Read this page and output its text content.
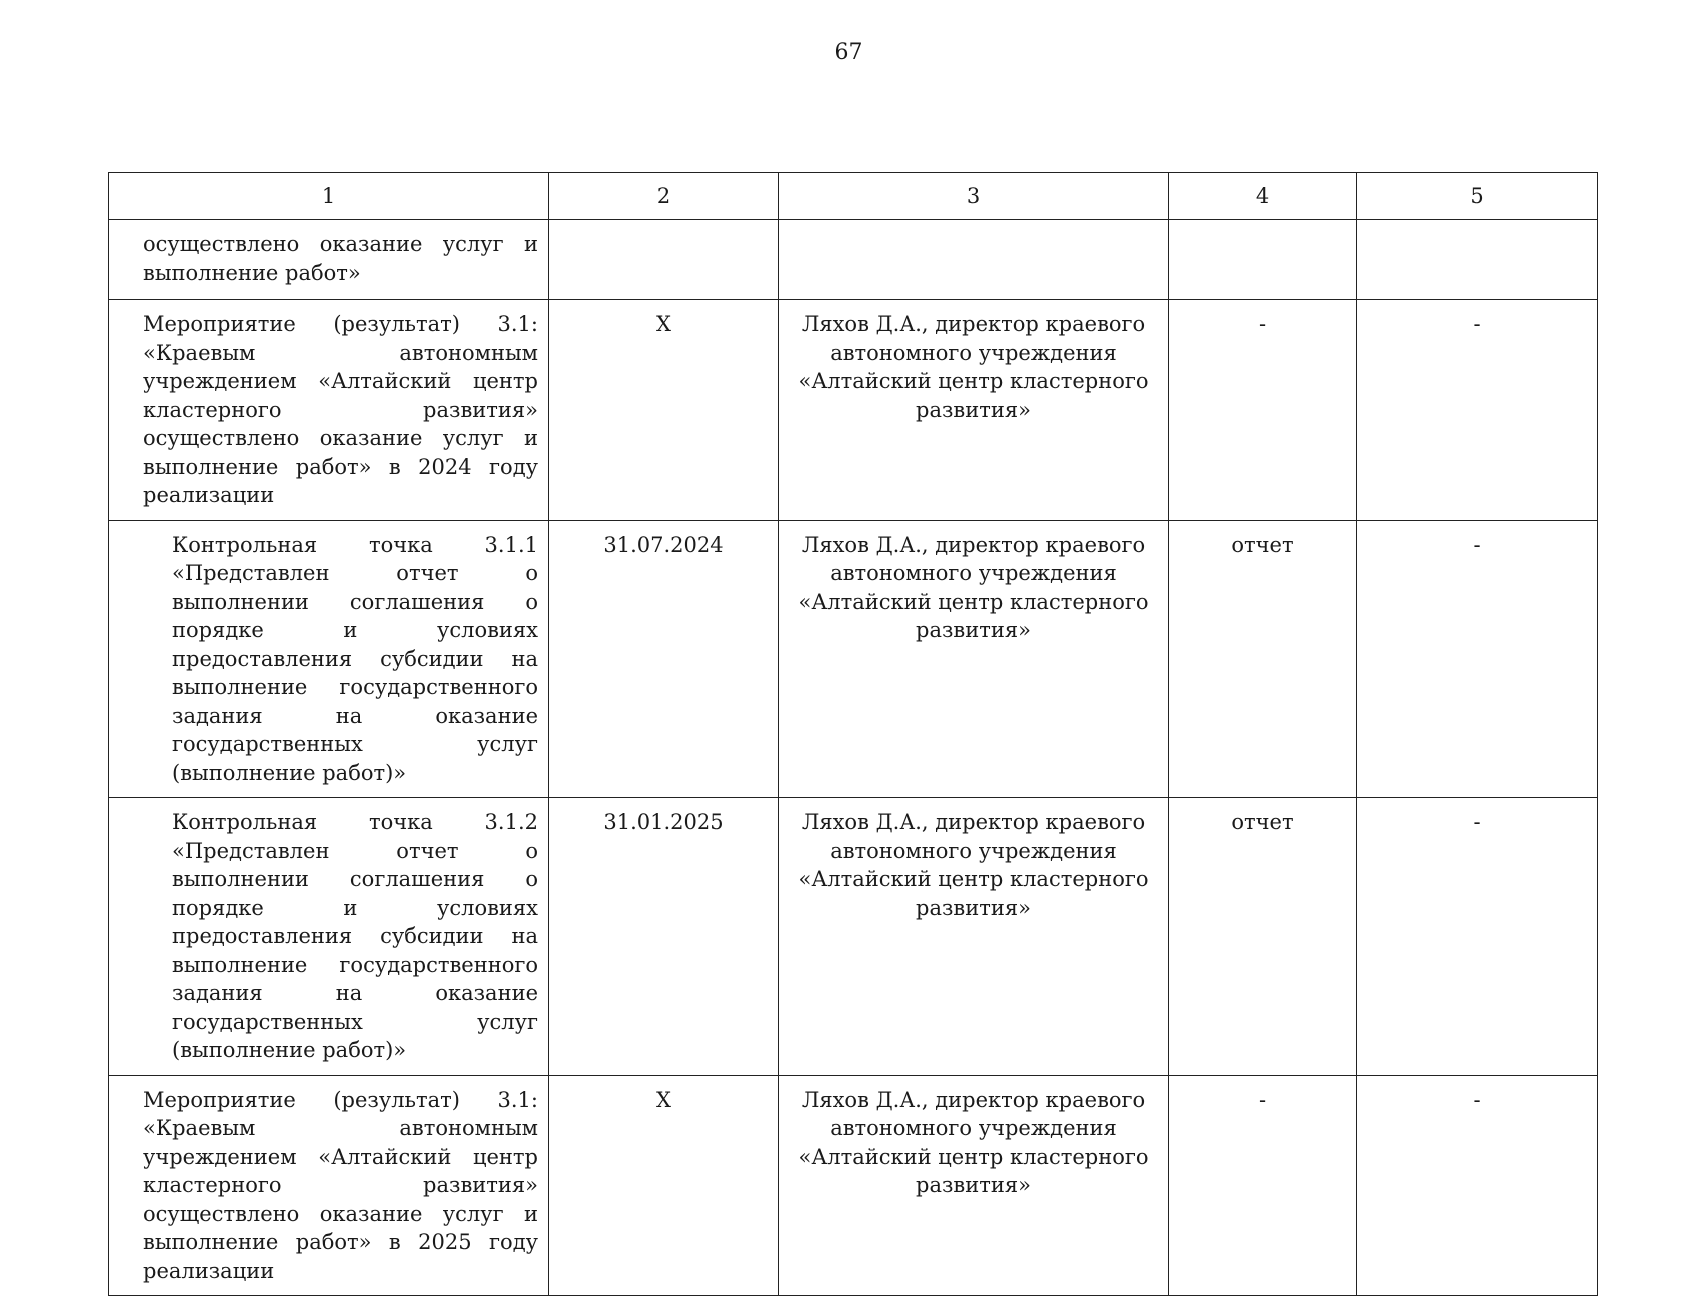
67
1	2	3	4	5
осуществлено оказание услуг и выполнение работ»				
Мероприятие (результат) 3.1: «Краевым автономным учреждением «Алтайский центр кластерного развития» осуществлено оказание услуг и выполнение работ» в 2024 году реализации	X	Ляхов Д.А., директор краевого автономного учреждения «Алтайский центр кластерного развития»	-	-
Контрольная точка 3.1.1 «Представлен отчет о выполнении соглашения о порядке и условиях предоставления субсидии на выполнение государственного задания на оказание государственных услуг (выполнение работ)»	31.07.2024	Ляхов Д.А., директор краевого автономного учреждения «Алтайский центр кластерного развития»	отчет	-
Контрольная точка 3.1.2 «Представлен отчет о выполнении соглашения о порядке и условиях предоставления субсидии на выполнение государственного задания на оказание государственных услуг (выполнение работ)»	31.01.2025	Ляхов Д.А., директор краевого автономного учреждения «Алтайский центр кластерного развития»	отчет	-
Мероприятие (результат) 3.1: «Краевым автономным учреждением «Алтайский центр кластерного развития» осуществлено оказание услуг и выполнение работ» в 2025 году реализации	X	Ляхов Д.А., директор краевого автономного учреждения «Алтайский центр кластерного развития»	-	-
